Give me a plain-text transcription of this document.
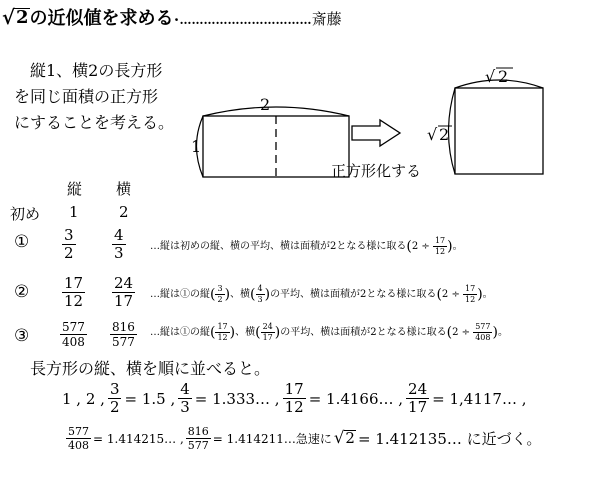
√ 2 の近似値を求める･……………………………斎藤
縦1、横2の長方形
を同じ面積の正方形
にすることを考える。
2
1
正方形化する
√ 2
√ 2
縦 横
初め 1	2
① $\frac{3}{2} \frac{4}{3}$ …縦は初めの縦、横の平均、横は面積が2となる様に取る($2 \div \frac{17}{12}$ )。
② $\frac{17}{12} \frac{24}{17}$ …縦は①の縦( $\frac{3}{2}$ )、横( $\frac{4}{3}$ )の平均、横は面積が2となる様に取る($2 \div \frac{17}{12}$ )。
③	$\frac{577}{408} \frac{816}{577}$ …縦は①の縦( $\frac{17}{12}$ )、横( $\frac{24}{17}$ )の平均、横は面積が2となる様に取る($2 \div \frac{577}{408}$ )。
長方形の縦、横を順に並べると。
1 , 2 , $\frac{3}{2} = 1.5$ , $\frac{4}{3}$ = 1.333… , $\frac{17}{12}$ = 1.4166… , $\frac{24}{17}$ = 1,4117… ,
$\frac{577}{408}$ = 1.414215… , $\frac{816}{577}$ = 1.414211…急速に √ 2 = 1.412135… に近づく。
